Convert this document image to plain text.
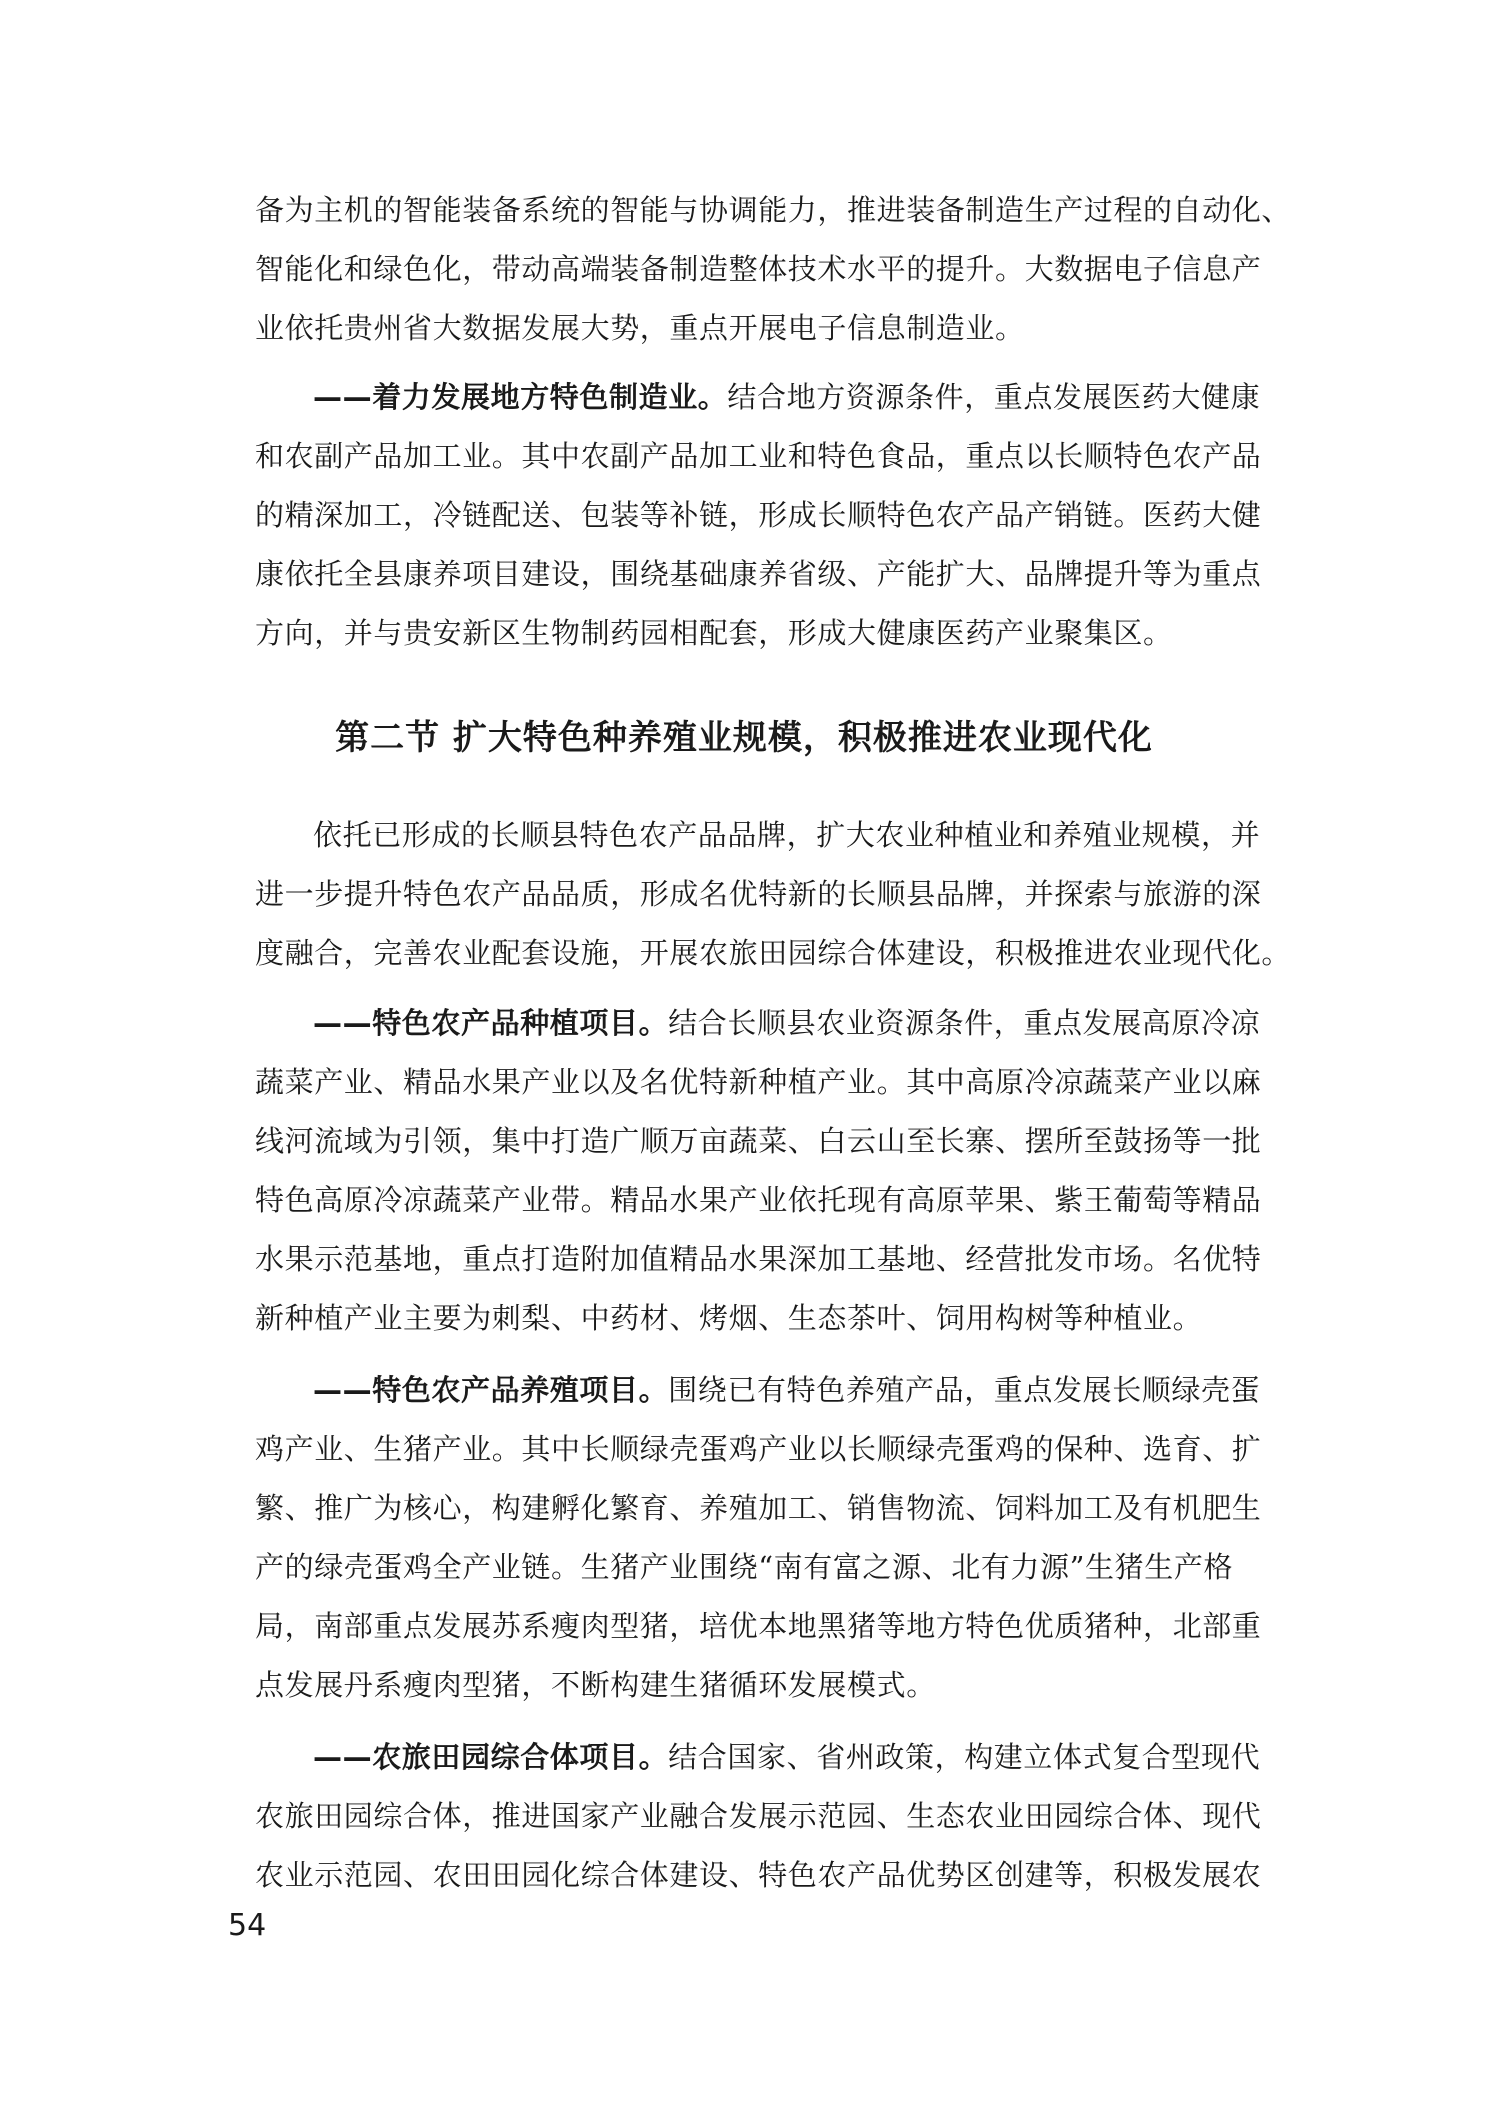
备为主机的智能装备系统的智能与协调能力，推进装备制造生产过程的自动化、
智能化和绿色化，带动高端装备制造整体技术水平的提升。大数据电子信息产
业依托贵州省大数据发展大势，重点开展电子信息制造业。
——着力发展地方特色制造业。结合地方资源条件，重点发展医药大健康
和农副产品加工业。其中农副产品加工业和特色食品，重点以长顺特色农产品
的精深加工，冷链配送、包装等补链，形成长顺特色农产品产销链。医药大健
康依托全县康养项目建设，围绕基础康养省级、产能扩大、品牌提升等为重点
方向，并与贵安新区生物制药园相配套，形成大健康医药产业聚集区。
第二节 扩大特色种养殖业规模，积极推进农业现代化
依托已形成的长顺县特色农产品品牌，扩大农业种植业和养殖业规模，并
进一步提升特色农产品品质，形成名优特新的长顺县品牌，并探索与旅游的深
度融合，完善农业配套设施，开展农旅田园综合体建设，积极推进农业现代化。
——特色农产品种植项目。结合长顺县农业资源条件，重点发展高原冷凉
蔬菜产业、精品水果产业以及名优特新种植产业。其中高原冷凉蔬菜产业以麻
线河流域为引领，集中打造广顺万亩蔬菜、白云山至长寨、摆所至鼓扬等一批
特色高原冷凉蔬菜产业带。精品水果产业依托现有高原苹果、紫王葡萄等精品
水果示范基地，重点打造附加值精品水果深加工基地、经营批发市场。名优特
新种植产业主要为刺梨、中药材、烤烟、生态茶叶、饲用构树等种植业。
——特色农产品养殖项目。围绕已有特色养殖产品，重点发展长顺绿壳蛋
鸡产业、生猪产业。其中长顺绿壳蛋鸡产业以长顺绿壳蛋鸡的保种、选育、扩
繁、推广为核心，构建孵化繁育、养殖加工、销售物流、饲料加工及有机肥生
产的绿壳蛋鸡全产业链。生猪产业围绕“南有富之源、北有力源”生猪生产格
局，南部重点发展苏系瘦肉型猪，培优本地黑猪等地方特色优质猪种，北部重
点发展丹系瘦肉型猪，不断构建生猪循环发展模式。
——农旅田园综合体项目。结合国家、省州政策，构建立体式复合型现代
农旅田园综合体，推进国家产业融合发展示范园、生态农业田园综合体、现代
农业示范园、农田田园化综合体建设、特色农产品优势区创建等，积极发展农
54
